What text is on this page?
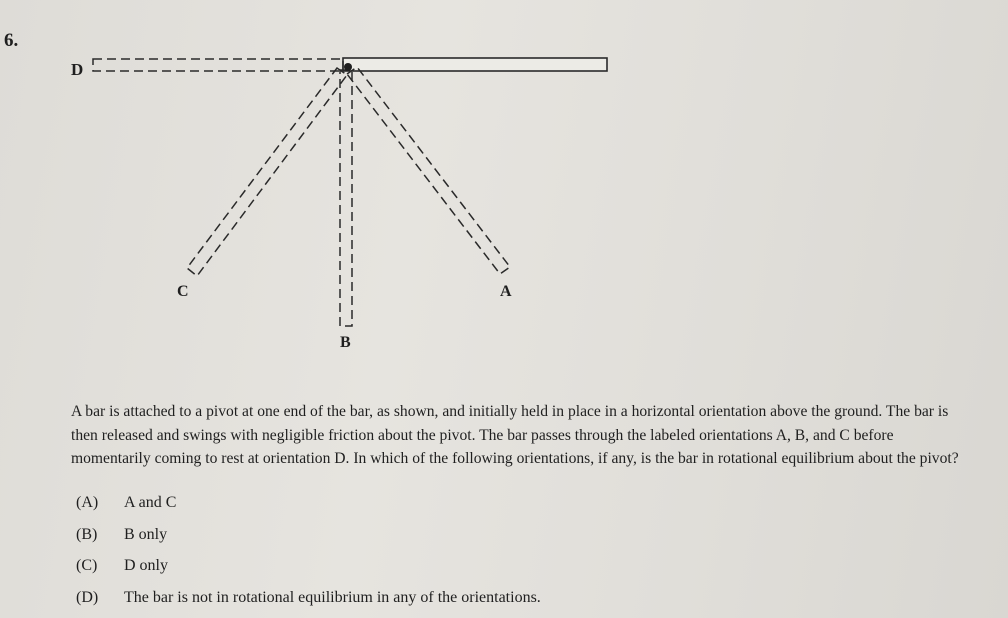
6.
D
C	A
B
A bar is attached to a pivot at one end of the bar, as shown, and initially held in place in a horizontal orientation above the ground. The bar is then released and swings with negligible friction about the pivot. The bar passes through the labeled orientations A, B, and C before momentarily coming to rest at orientation D. In which of the following orientations, if any, is the bar in rotational equilibrium about the pivot?
(A) A and C
(B) B only
(C) D only
(D) The bar is not in rotational equilibrium in any of the orientations.
